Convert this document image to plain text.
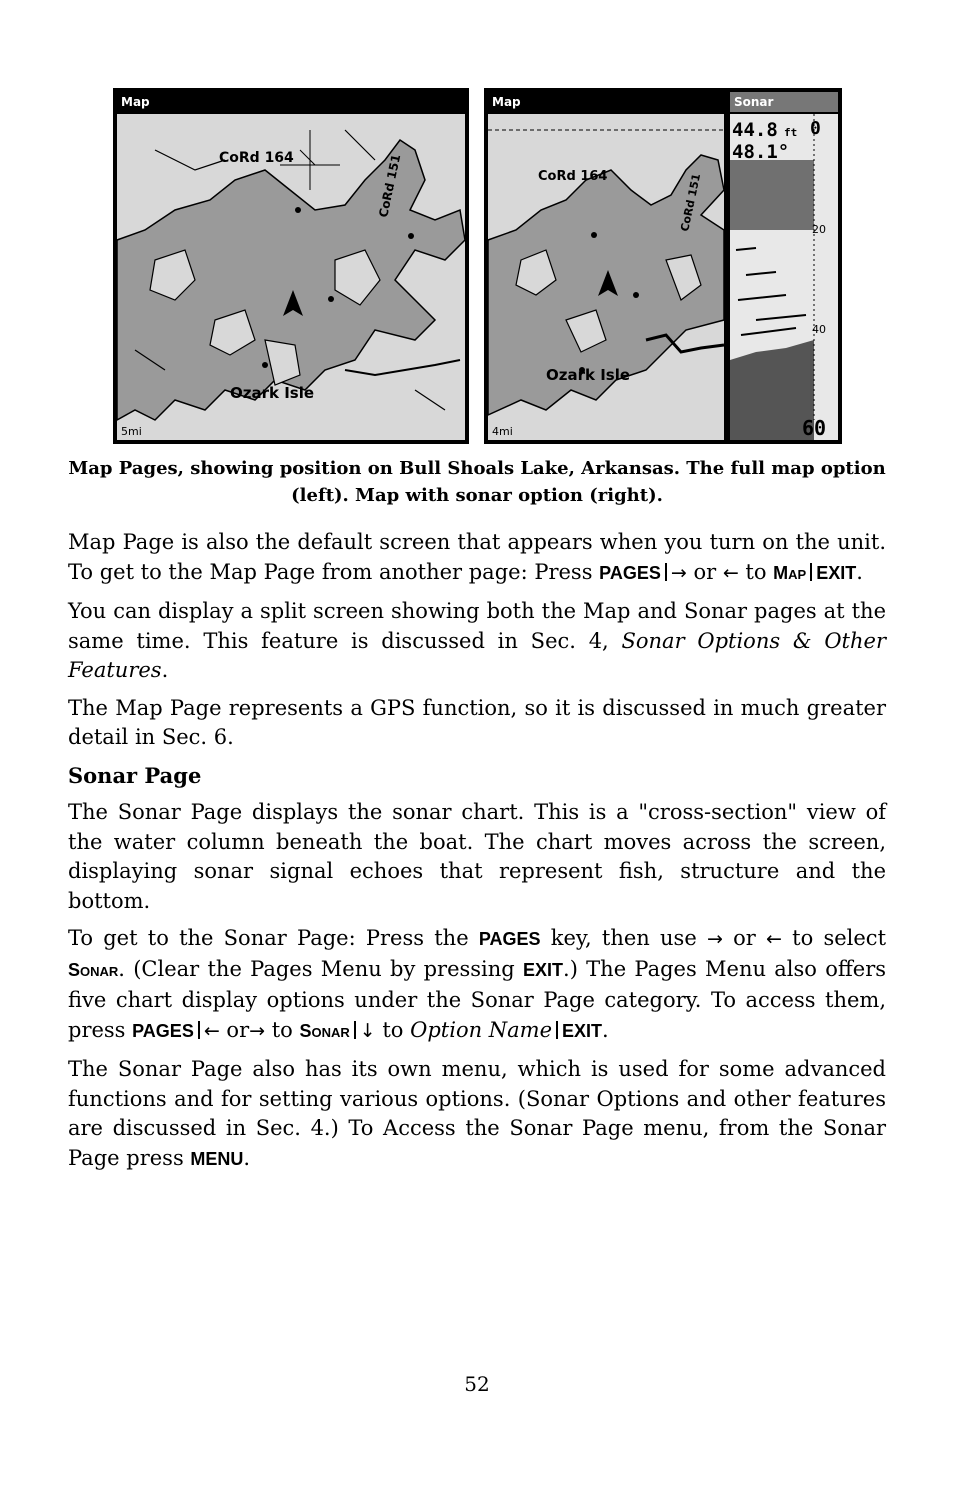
Map
CoRd 164	CoRd 151
Ozark Isle
5mi
Map
CoRd 164	CoRd 151
Ozark Isle
4mi
Sonar
44.8 ft
48.1°
0
20
40
60
Map Pages, showing position on Bull Shoals Lake, Arkansas. The full map option (left). Map with sonar option (right).

Map Page is also the default screen that appears when you turn on the unit. To get to the Map Page from another page: Press PAGES → or ← to MAP EXIT.

You can display a split screen showing both the Map and Sonar pages at the same time. This feature is discussed in Sec. 4, Sonar Options & Other Features.

The Map Page represents a GPS function, so it is discussed in much greater detail in Sec. 6.

Sonar Page

The Sonar Page displays the sonar chart. This is a "cross-section" view of the water column beneath the boat. The chart moves across the screen, displaying sonar signal echoes that represent fish, structure and the bottom.

To get to the Sonar Page: Press the PAGES key, then use → or ← to select SONAR. (Clear the Pages Menu by pressing EXIT.) The Pages Menu also offers five chart display options under the Sonar Page category. To access them, press PAGES ← or→ to SONAR ↓ to Option Name EXIT.

The Sonar Page also has its own menu, which is used for some advanced functions and for setting various options. (Sonar Options and other features are discussed in Sec. 4.) To Access the Sonar Page menu, from the Sonar Page press MENU.

52
